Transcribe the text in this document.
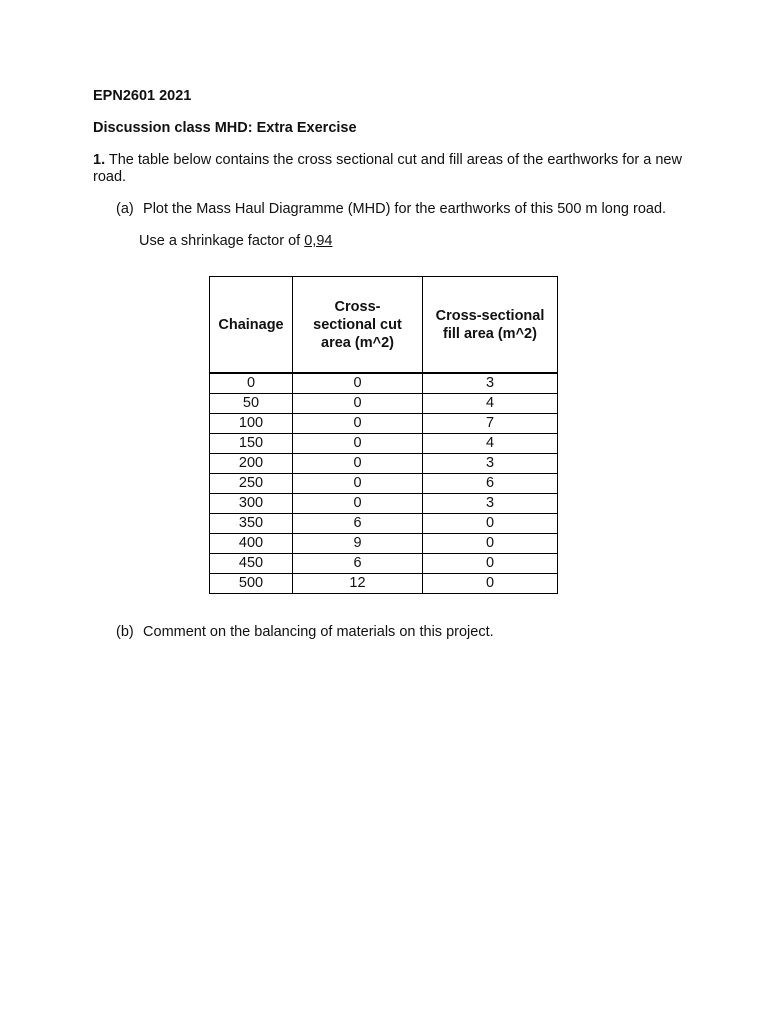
EPN2601 2021
Discussion class MHD: Extra Exercise
1. The table below contains the cross sectional cut and fill areas of the earthworks for a new road.
(a) Plot the Mass Haul Diagramme (MHD) for the earthworks of this 500 m long road.
Use a shrinkage factor of 0,94
Chainage	Cross-sectional cut area (m^2)	Cross-sectional fill area (m^2)
0	0	3
50	0	4
100	0	7
150	0	4
200	0	3
250	0	6
300	0	3
350	6	0
400	9	0
450	6	0
500	12	0
(b) Comment on the balancing of materials on this project.
